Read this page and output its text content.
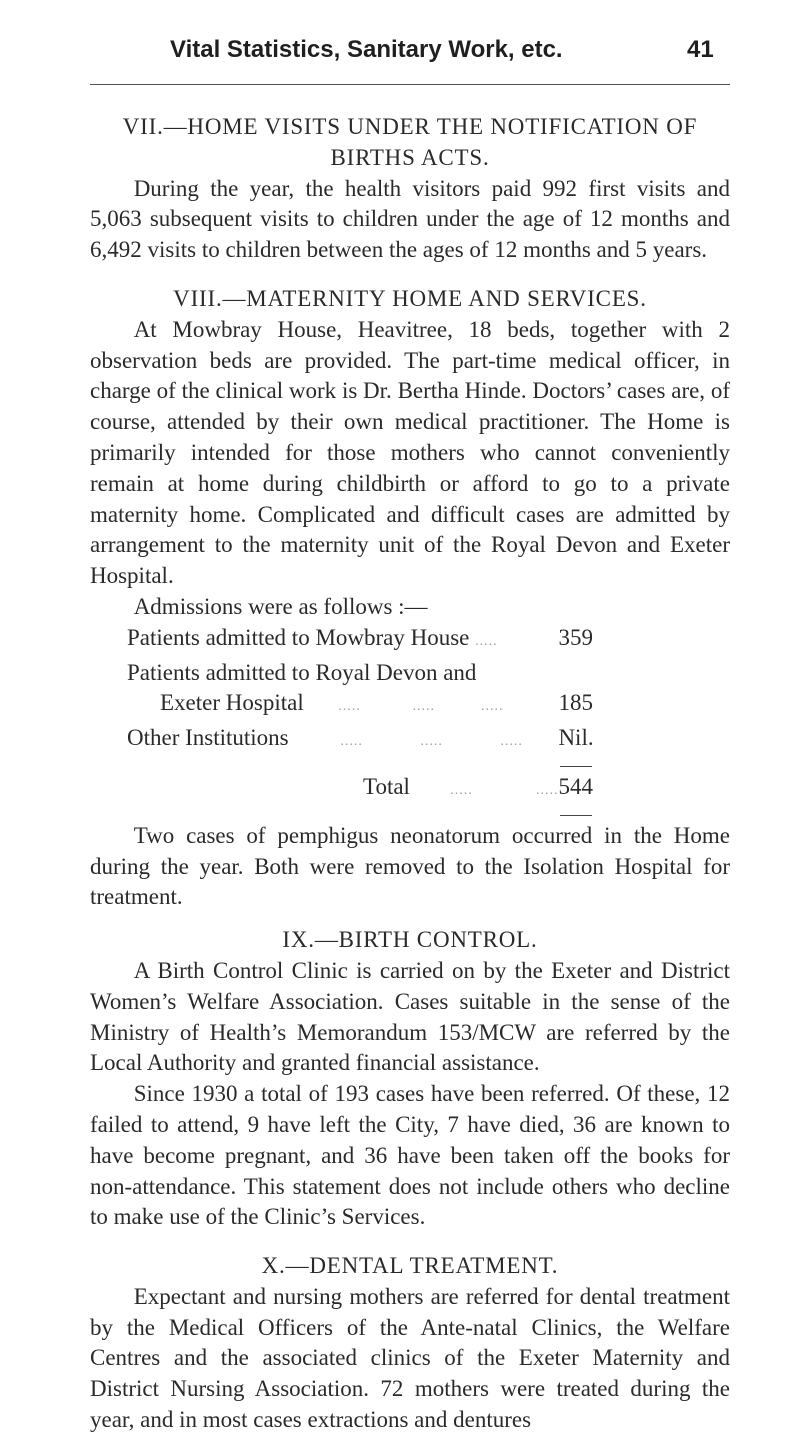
Vital Statistics, Sanitary Work, etc.	41
VII.—HOME VISITS UNDER THE NOTIFICATION OF
BIRTHS ACTS.

During the year, the health visitors paid 992 first visits and 5,063 subsequent visits to children under the age of 12 months and 6,492 visits to children between the ages of 12 months and 5 years.

VIII.—MATERNITY HOME AND SERVICES.

At Mowbray House, Heavitree, 18 beds, together with 2 observation beds are provided. The part-time medical officer, in charge of the clinical work is Dr. Bertha Hinde. Doctors’ cases are, of course, attended by their own medical practitioner. The Home is primarily intended for those mothers who cannot conveniently remain at home during childbirth or afford to go to a private maternity home. Complicated and difficult cases are admitted by arrangement to the maternity unit of the Royal Devon and Exeter Hospital.

Admissions were as follows :—

Patients admitted to Mowbray House .....	359
Patients admitted to Royal Devon and	
Exeter Hospital ..... ..... .....	185
Other Institutions ..... ..... .....	Nil.

Total ..... .....	544

Two cases of pemphigus neonatorum occurred in the Home during the year. Both were removed to the Isolation Hospital for treatment.

IX.—BIRTH CONTROL.

A Birth Control Clinic is carried on by the Exeter and District Women’s Welfare Association. Cases suitable in the sense of the Ministry of Health’s Memorandum 153/MCW are referred by the Local Authority and granted financial assistance.

Since 1930 a total of 193 cases have been referred. Of these, 12 failed to attend, 9 have left the City, 7 have died, 36 are known to have become pregnant, and 36 have been taken off the books for non-attendance. This statement does not include others who decline to make use of the Clinic’s Services.

X.—DENTAL TREATMENT.

Expectant and nursing mothers are referred for dental treatment by the Medical Officers of the Ante-natal Clinics, the Welfare Centres and the associated clinics of the Exeter Maternity and District Nursing Association. 72 mothers were treated during the year, and in most cases extractions and dentures
